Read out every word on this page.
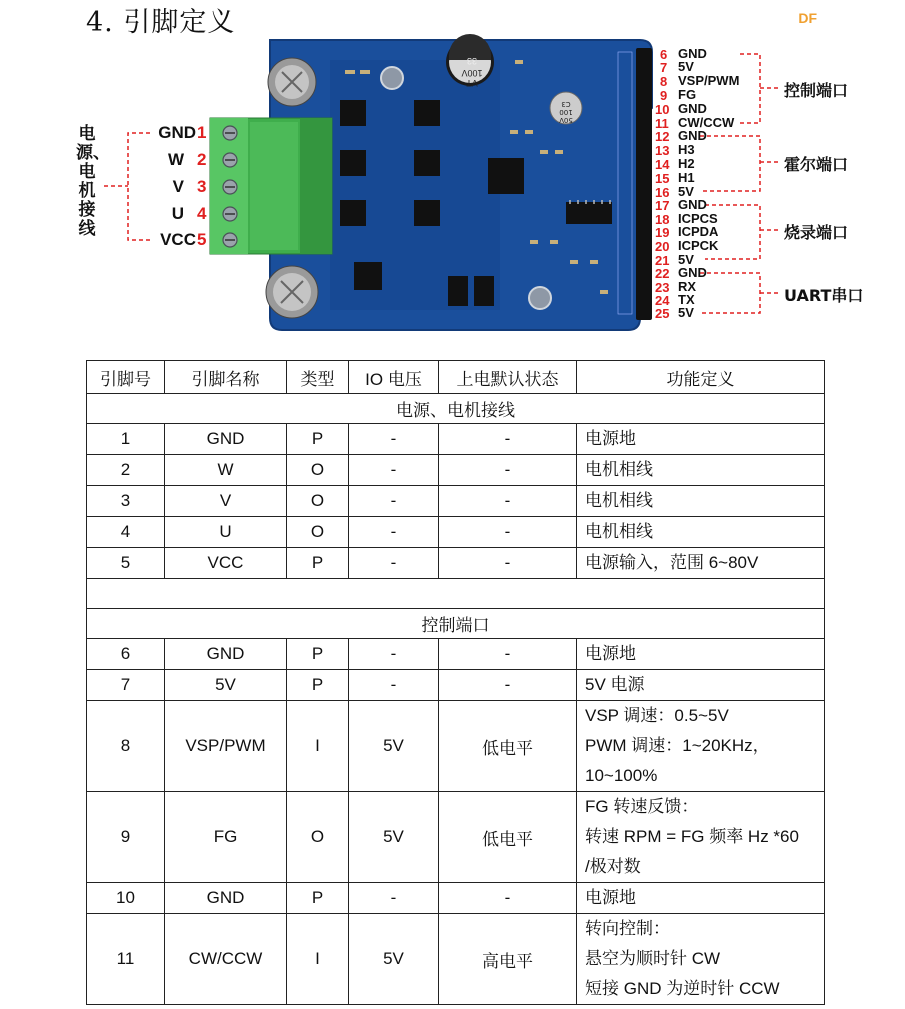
4. 引脚定义	DF
33
100V
VT
C3
100
50V
电源、电机接线
GND 1
W 2
V 3
U 4
VCC 5
6 GND
7 5V
8 VSP/PWM
9 FG
10 GND
11 CW/CCW
12 GND
13 H3
14 H2
15 H1
16 5V
17 GND
18 ICPCS
19 ICPDA
20 ICPCK
21 5V
22 GND
23 RX
24 TX
25 5V
控制端口
霍尔端口
烧录端口
UART串口
引脚号	引脚名称	类型	IO 电压	上电默认状态	功能定义
电源、电机接线					
1	GND	P	-	-	电源地
2	W	O	-	-	电机相线
3	V	O	-	-	电机相线
4	U	O	-	-	电机相线
5	VCC	P	-	-	电源输入，范围 6~80V

控制端口					
6	GND	P	-	-	电源地
7	5V	P	-	-	5V 电源
8	VSP/PWM	I	5V	低电平	VSP 调速：0.5~5V
PWM 调速：1~20KHz，
10~100%

9	FG	O	5V	低电平	FG 转速反馈：
转速 RPM = FG 频率 Hz *60
/极对数

10	GND	P	-	-	电源地
11	CW/CCW	I	5V	高电平	转向控制：
悬空为顺时针 CW
短接 GND 为逆时针 CCW
